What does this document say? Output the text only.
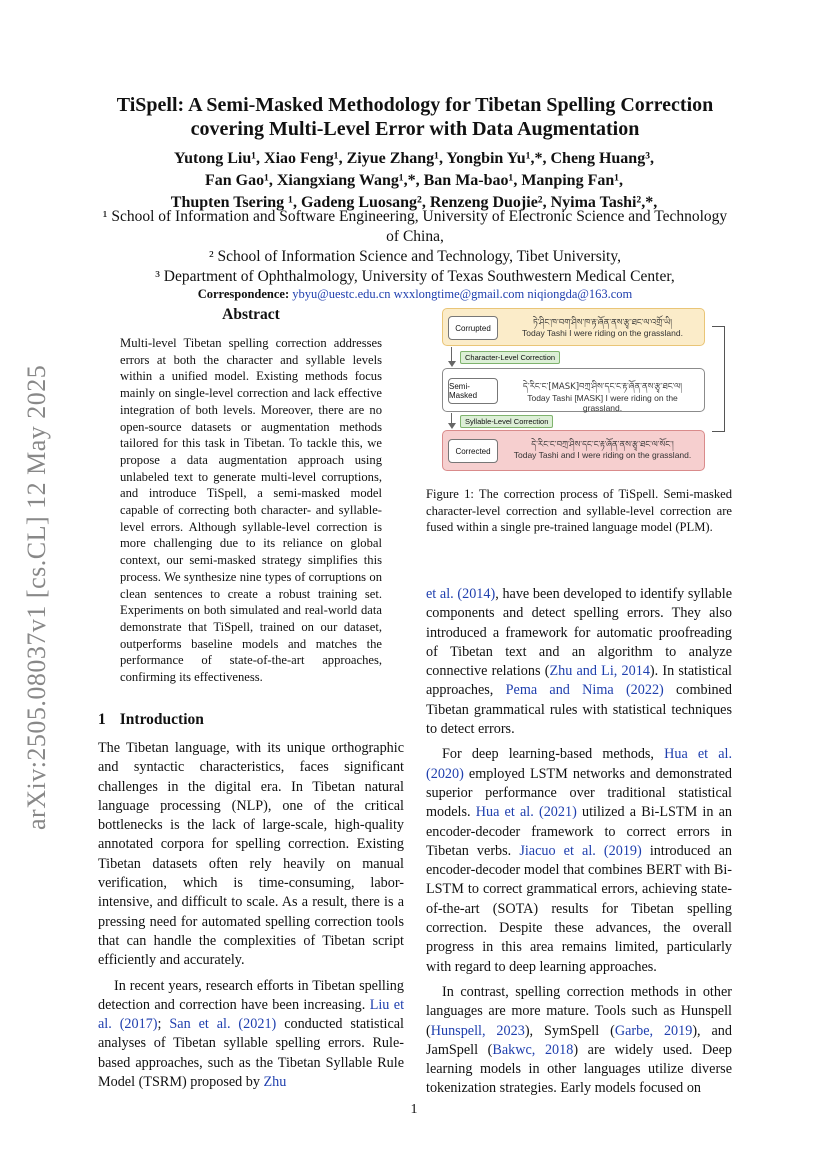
arXiv:2505.08037v1 [cs.CL] 12 May 2025
TiSpell: A Semi-Masked Methodology for Tibetan Spelling Correction
covering Multi-Level Error with Data Augmentation
Yutong Liu¹, Xiao Feng¹, Ziyue Zhang¹, Yongbin Yu¹,*, Cheng Huang³,
Fan Gao¹, Xiangxiang Wang¹,*, Ban Ma-bao¹, Manping Fan¹,
Thupten Tsering ¹, Gadeng Luosang², Renzeng Duojie², Nyima Tashi²,*,
¹ School of Information and Software Engineering, University of Electronic Science and Technology of China,
² School of Information Science and Technology, Tibet University,
³ Department of Ophthalmology, University of Texas Southwestern Medical Center,
Correspondence: ybyu@uestc.edu.cn wxxlongtime@gmail.com niqiongda@163.com
Abstract
Multi-level Tibetan spelling correction addresses errors at both the character and syllable levels within a unified model. Existing methods focus mainly on single-level correction and lack effective integration of both levels. Moreover, there are no open-source datasets or augmentation methods tailored for this task in Tibetan. To tackle this, we propose a data augmentation approach using unlabeled text to generate multi-level corruptions, and introduce TiSpell, a semi-masked model capable of correcting both character- and syllable-level errors. Although syllable-level correction is more challenging due to its reliance on global context, our semi-masked strategy simplifies this process. We synthesize nine types of corruptions on clean sentences to create a robust training set. Experiments on both simulated and real-world data demonstrate that TiSpell, trained on our dataset, outperforms baseline models and matches the performance of state-of-the-art approaches, confirming its effectiveness.
1 Introduction

The Tibetan language, with its unique orthographic and syntactic characteristics, faces significant challenges in the digital era. In Tibetan natural language processing (NLP), one of the critical bottlenecks is the lack of large-scale, high-quality annotated corpora for spelling correction. Existing Tibetan datasets often rely heavily on manual verification, which is time-consuming, labor-intensive, and difficult to scale. As a result, there is a pressing need for automated spelling correction tools that can handle the complexities of Tibetan script efficiently and accurately.

In recent years, research efforts in Tibetan spelling detection and correction have been increasing. Liu et al. (2017); San et al. (2021) conducted statistical analyses of Tibetan syllable spelling errors. Rule-based approaches, such as the Tibetan Syllable Rule Model (TSRM) proposed by Zhu

Corrupted	ཏེ་ཤིང་ཁ་བག་ཤིས་ཁ་རྟ་ཞོན་ནས་རྩྭ་ཐང་ལ་འགྲོ་ཡི།
Today Tashi I were riding on the grassland.
Character-Level Correction
Semi-Masked
དེ་རིང་ང་[MASK]བཀྲ་ཤིས་དང་ང་རྟ་ཞོན་ནས་རྩྭ་ཐང་ལ།
Today Tashi [MASK] I were riding on the grassland.
Syllable-Level Correction
Corrected
དེ་རིང་ང་བཀྲ་ཤིས་དང་ང་རྟ་ཞོན་ནས་རྩྭ་ཐང་ལ་སོང་།
Today Tashi and I were riding on the grassland.
Figure 1: The correction process of TiSpell. Semi-masked character-level correction and syllable-level correction are fused within a single pre-trained language model (PLM).

et al. (2014), have been developed to identify syllable components and detect spelling errors. They also introduced a framework for automatic proofreading of Tibetan text and an algorithm to analyze connective relations (Zhu and Li, 2014). In statistical approaches, Pema and Nima (2022) combined Tibetan grammatical rules with statistical techniques to detect errors.

For deep learning-based methods, Hua et al. (2020) employed LSTM networks and demonstrated superior performance over traditional statistical models. Hua et al. (2021) utilized a Bi-LSTM in an encoder-decoder framework to correct errors in Tibetan verbs. Jiacuo et al. (2019) introduced an encoder-decoder model that combines BERT with Bi-LSTM to correct grammatical errors, achieving state-of-the-art (SOTA) results for Tibetan spelling correction. Despite these advances, the overall progress in this area remains limited, particularly with regard to deep learning approaches.

In contrast, spelling correction methods in other languages are more mature. Tools such as Hunspell (Hunspell, 2023), SymSpell (Garbe, 2019), and JamSpell (Bakwc, 2018) are widely used. Deep learning models in other languages utilize diverse tokenization strategies. Early models focused on

1
